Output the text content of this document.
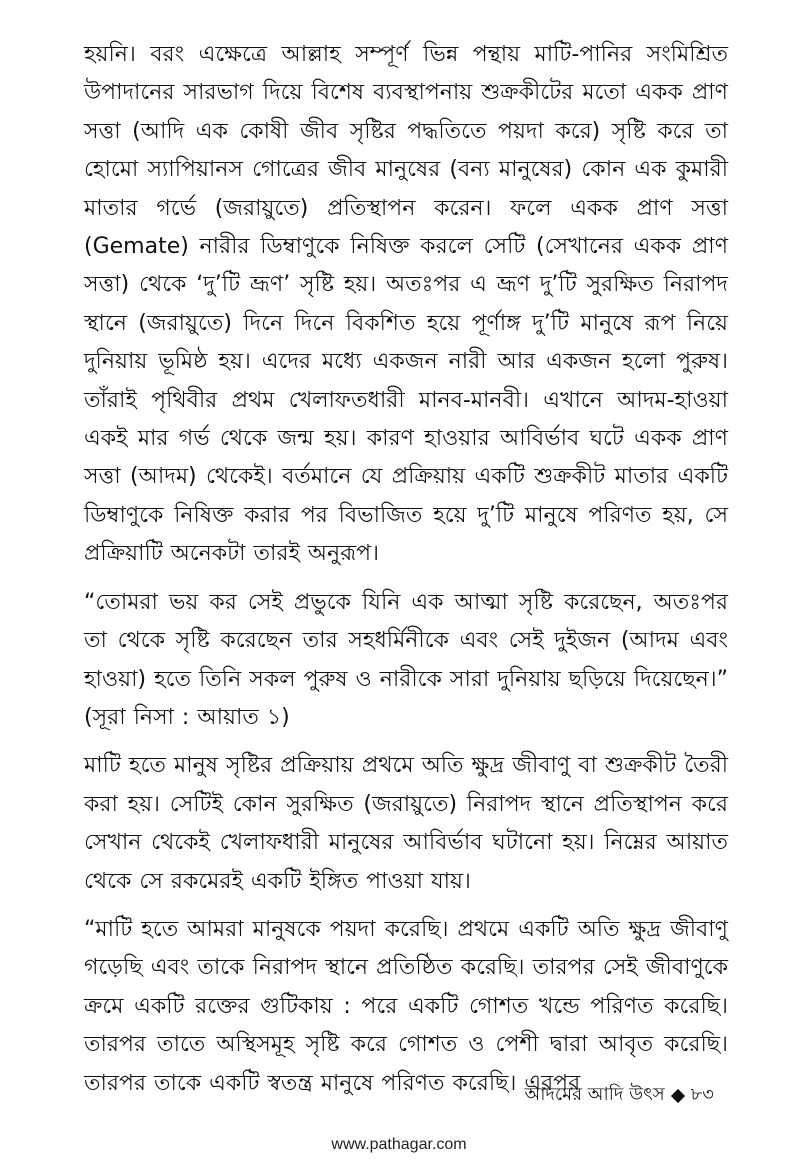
হয়নি। বরং এক্ষেত্রে আল্লাহ সম্পূর্ণ ভিন্ন পন্থায় মাটি-পানির সংমিশ্রিত উপাদানের সারভাগ দিয়ে বিশেষ ব্যবস্থাপনায় শুক্রকীটের মতো একক প্রাণ সত্তা (আদি এক কোষী জীব সৃষ্টির পদ্ধতিতে পয়দা করে) সৃষ্টি করে তা হোমো স্যাপিয়ানস গোত্রের জীব মানুষের (বন্য মানুষের) কোন এক কুমারী মাতার গর্ভে (জরায়ুতে) প্রতিস্থাপন করেন। ফলে একক প্রাণ সত্তা (Gemate) নারীর ডিম্বাণুকে নিষিক্ত করলে সেটি (সেখানের একক প্রাণ সত্তা) থেকে ‘দু’টি ভ্রূণ’ সৃষ্টি হয়। অতঃপর এ ভ্রূণ দু’টি সুরক্ষিত নিরাপদ স্থানে (জরায়ুতে) দিনে দিনে বিকশিত হয়ে পূর্ণাঙ্গ দু’টি মানুষে রূপ নিয়ে দুনিয়ায় ভূমিষ্ঠ হয়। এদের মধ্যে একজন নারী আর একজন হলো পুরুষ। তাঁরাই পৃথিবীর প্রথম খেলাফতধারী মানব-মানবী। এখানে আদম-হাওয়া একই মার গর্ভ থেকে জন্ম হয়। কারণ হাওয়ার আবির্ভাব ঘটে একক প্রাণ সত্তা (আদম) থেকেই। বর্তমানে যে প্রক্রিয়ায় একটি শুক্রকীট মাতার একটি ডিম্বাণুকে নিষিক্ত করার পর বিভাজিত হয়ে দু’টি মানুষে পরিণত হয়, সে প্রক্রিয়াটি অনেকটা তারই অনুরূপ।

“তোমরা ভয় কর সেই প্রভুকে যিনি এক আত্মা সৃষ্টি করেছেন, অতঃপর তা থেকে সৃষ্টি করেছেন তার সহধর্মিনীকে এবং সেই দুইজন (আদম এবং হাওয়া) হতে তিনি সকল পুরুষ ও নারীকে সারা দুনিয়ায় ছড়িয়ে দিয়েছেন।” (সূরা নিসা : আয়াত ১)

মাটি হতে মানুষ সৃষ্টির প্রক্রিয়ায় প্রথমে অতি ক্ষুদ্র জীবাণু বা শুক্রকীট তৈরী করা হয়। সেটিই কোন সুরক্ষিত (জরায়ুতে) নিরাপদ স্থানে প্রতিস্থাপন করে সেখান থেকেই খেলাফধারী মানুষের আবির্ভাব ঘটানো হয়। নিম্নের আয়াত থেকে সে রকমেরই একটি ইঙ্গিত পাওয়া যায়।

“মাটি হতে আমরা মানুষকে পয়দা করেছি। প্রথমে একটি অতি ক্ষুদ্র জীবাণু গড়েছি এবং তাকে নিরাপদ স্থানে প্রতিষ্ঠিত করেছি। তারপর সেই জীবাণুকে ক্রমে একটি রক্তের গুটিকায় : পরে একটি গোশত খন্ডে পরিণত করেছি। তারপর তাতে অস্থিসমূহ সৃষ্টি করে গোশত ও পেশী দ্বারা আবৃত করেছি। তারপর তাকে একটি স্বতন্ত্র মানুষে পরিণত করেছি। এরপর

আদমের আদি উৎস ৮৩
www.pathagar.com
